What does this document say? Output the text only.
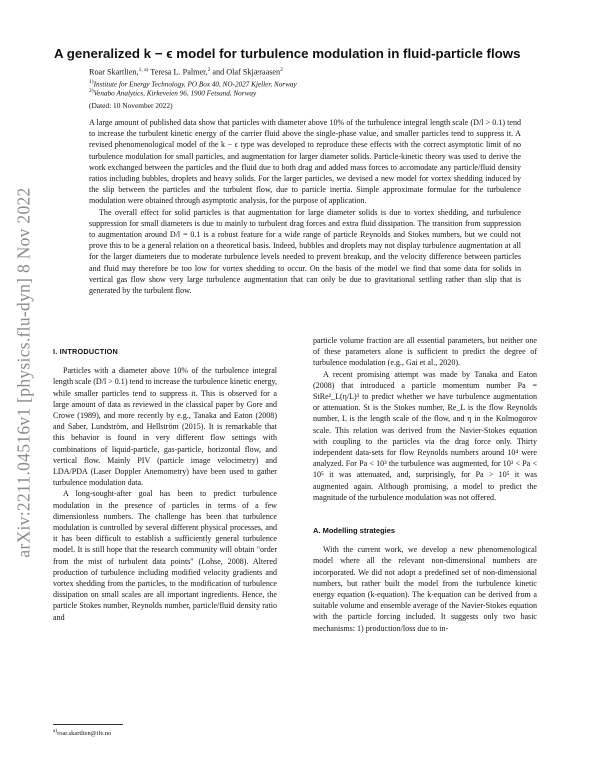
arXiv:2211.04516v1 [physics.flu-dyn] 8 Nov 2022
A generalized k − ϵ model for turbulence modulation in fluid-particle flows
Roar Skartlien,$^{1, a)}$ Teresa L. Palmer,$^2$ and Olaf Skjæraasen$^2$
$^{1)}$Institute for Energy Technology, PO Box 40, NO-2027 Kjeller, Norway
$^{2)}$Venabo Analytics, Kirkeveien 96, 1900 Fetsund, Norway
(Dated: 10 November 2022)

A large amount of published data show that particles with diameter above 10% of the turbulence integral length scale (D/l > 0.1) tend to increase the turbulent kinetic energy of the carrier fluid above the single-phase value, and smaller particles tend to suppress it. A revised phenomenological model of the k − ϵ type was developed to reproduce these effects with the correct asymptotic limit of no turbulence modulation for small particles, and augmentation for larger diameter solids. Particle-kinetic theory was used to derive the work exchanged between the particles and the fluid due to both drag and added mass forces to accomodate any particle/fluid density ratios including bubbles, droplets and heavy solids. For the larger particles, we devised a new model for vortex shedding induced by the slip between the particles and the turbulent flow, due to particle inertia. Simple approximate formulae for the turbulence modulation were obtained through asymptotic analysis, for the purpose of application.

The overall effect for solid particles is that augmentation for large diameter solids is due to vortex shedding, and turbulence suppression for small diameters is due to mainly to turbulent drag forces and extra fluid dissipation. The transition from suppression to augmentation around D/l = 0.1 is a robust feature for a wide range of particle Reynolds and Stokes numbers, but we could not prove this to be a general relation on a theoretical basis. Indeed, bubbles and droplets may not display turbulence augmentation at all for the larger diameters due to moderate turbulence levels needed to prevent breakup, and the velocity difference between particles and fluid may therefore be too low for vortex shedding to occur. On the basis of the model we find that some data for solids in vertical gas flow show very large turbulence augmentation that can only be due to gravitational settling rather than slip that is generated by the turbulent flow.

I. INTRODUCTION

Particles with a diameter above 10% of the turbulence integral length scale (D/l > 0.1) tend to increase the turbulence kinetic energy, while smaller particles tend to suppress it. This is observed for a large amount of data as reviewed in the classical paper by Gore and Crowe (1989), and more recently by e.g., Tanaka and Eaton (2008) and Saber, Lundström, and Hellström (2015). It is remarkable that this behavior is found in very different flow settings with combinations of liquid-particle, gas-particle, horizontal flow, and vertical flow. Mainly PIV (particle image velocimetry) and LDA/PDA (Laser Doppler Anemometry) have been used to gather turbulence modulation data.

A long-sought-after goal has been to predict turbulence modulation in the presence of particles in terms of a few dimensionless numbers. The challenge has been that turbulence modulation is controlled by several different physical processes, and it has been difficult to establish a sufficiently general turbulence model. It is still hope that the research community will obtain "order from the mist of turbulent data points" (Lohse, 2008). Altered production of turbulence including modified velocity gradients and vortex shedding from the particles, to the modification of turbulence dissipation on small scales are all important ingredients. Hence, the particle Stokes number, Reynolds number, particle/fluid density ratio and

particle volume fraction are all essential parameters, but neither one of these parameters alone is sufficient to predict the degree of turbulence modulation (e.g., Gai et al., 2020).

A recent promising attempt was made by Tanaka and Eaton (2008) that introduced a particle momentum number Pa = StRe²_L(η/L)³ to predict whether we have turbulence augmentation or attenuation. St is the Stokes number, Re_L is the flow Reynolds number, L is the length scale of the flow, and η in the Kolmogorov scale. This relation was derived from the Navier-Stokes equation with coupling to the particles via the drag force only. Thirty independent data-sets for flow Reynolds numbers around 10⁴ were analyzed. For Pa < 10³ the turbulence was augmented, for 10³ < Pa < 10⁵ it was attenuated, and, surprisingly, for Pa > 10⁵ it was augmented again. Although promising, a model to predict the magnitude of the turbulence modulation was not offered.

A. Modelling strategies

With the current work, we develop a new phenomenological model where all the relevant non-dimensional numbers are incorporated. We did not adopt a predefined set of non-dimensional numbers, but rather built the model from the turbulence kinetic energy equation (k-equation). The k-equation can be derived from a suitable volume and ensemble average of the Navier-Stokes equation with the particle forcing included. It suggests only two basic mechanisms: 1) production/loss due to in-

$^{a)}$roar.skartlien@ife.no
